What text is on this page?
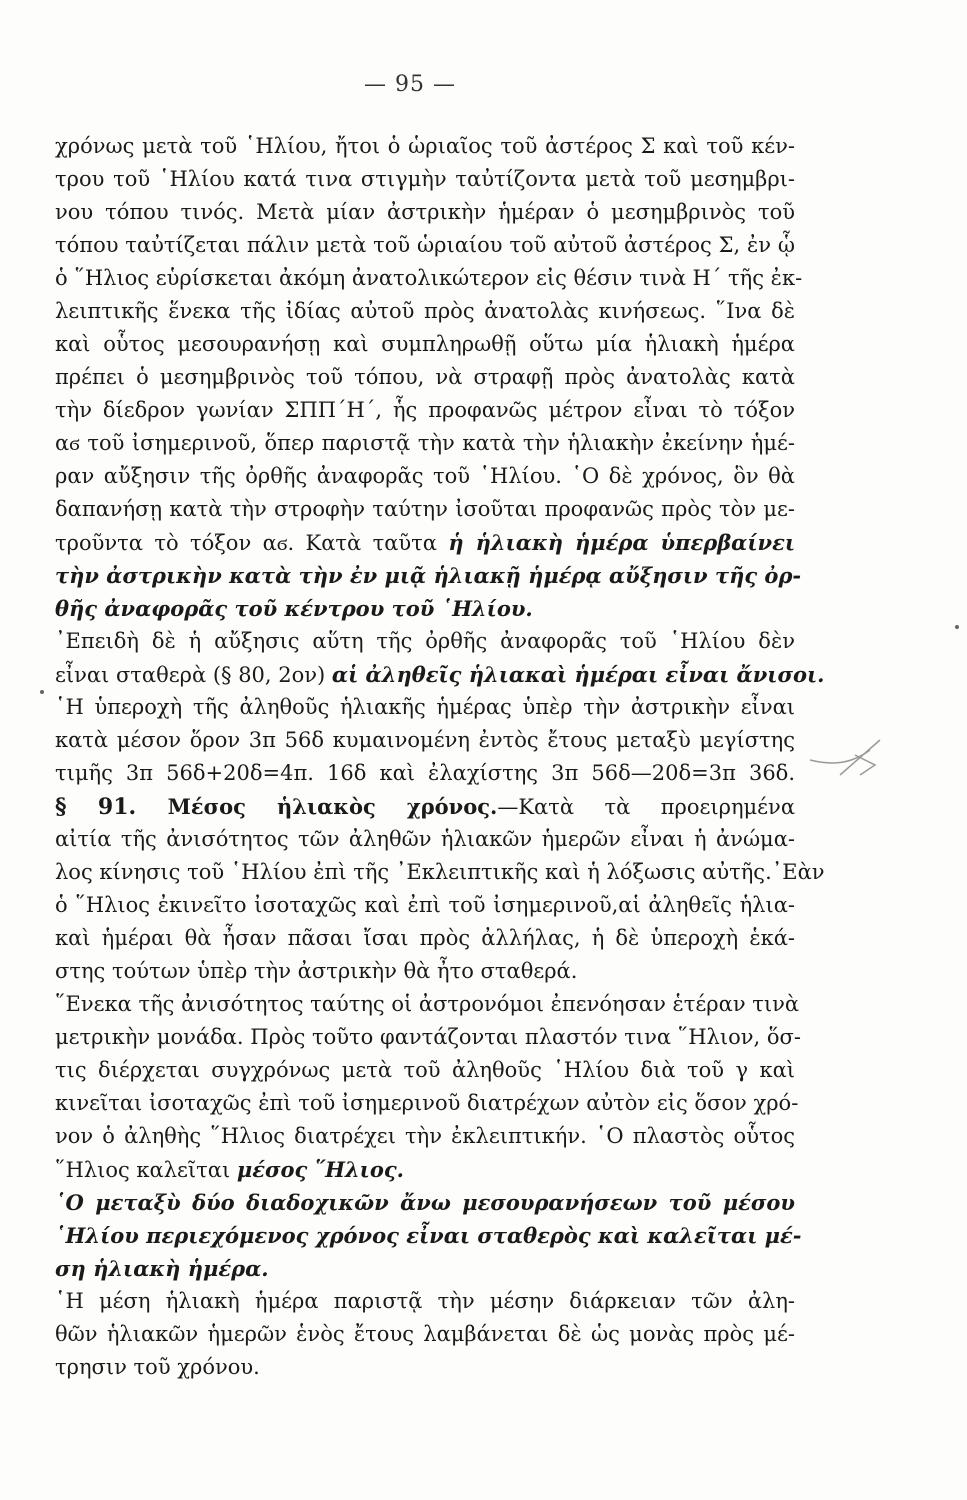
— 95 —
χρόνως μετὰ τοῦ ῾Ηλίου, ἤτοι ὁ ὡριαῖος τοῦ ἀστέρος Σ καὶ τοῦ κέν-
τρου τοῦ ῾Ηλίου κατά τινα στιγμὴν ταὐτίζοντα μετὰ τοῦ μεσημβρι-
νου τόπου τινός. Μετὰ μίαν ἀστρικὴν ἡμέραν ὁ μεσημβρινὸς τοῦ
τόπου ταὐτίζεται πάλιν μετὰ τοῦ ὡριαίου τοῦ αὐτοῦ ἀστέρος Σ, ἐν ᾧ
ὁ ῞Ηλιος εὑρίσκεται ἀκόμη ἀνατολικώτερον εἰς θέσιν τινὰ Η΄ τῆς ἐκ-
λειπτικῆς ἕνεκα τῆς ἰδίας αὐτοῦ πρὸς ἀνατολὰς κινήσεως. ῞Ινα δὲ
καὶ οὗτος μεσουρανήσῃ καὶ συμπληρωθῇ οὕτω μία ἡλιακὴ ἡμέρα
πρέπει ὁ μεσημβρινὸς τοῦ τόπου, νὰ στραφῇ πρὸς ἀνατολὰς κατὰ
τὴν δίεδρον γωνίαν ΣΠΠ΄Η΄, ἧς προφανῶς μέτρον εἶναι τὸ τόξον
αϭ τοῦ ἰσημερινοῦ, ὅπερ παριστᾷ τὴν κατὰ τὴν ἡλιακὴν ἐκείνην ἡμέ-
ραν αὔξησιν τῆς ὀρθῆς ἀναφορᾶς τοῦ ῾Ηλίου. ῾Ο δὲ χρόνος, ὃν θὰ
δαπανήσῃ κατὰ τὴν στροφὴν ταύτην ἰσοῦται προφανῶς πρὸς τὸν με-
τροῦντα τὸ τόξον αϭ. Κατὰ ταῦτα ἡ ἡλιακὴ ἡμέρα ὑπερβαίνει
τὴν ἀστρικὴν κατὰ τὴν ἐν μιᾷ ἡλιακῇ ἡμέρᾳ αὔξησιν τῆς ὀρ-
θῆς ἀναφορᾶς τοῦ κέντρου τοῦ ῾Ηλίου.
᾿Επειδὴ δὲ ἡ αὔξησις αὕτη τῆς ὀρθῆς ἀναφορᾶς τοῦ ῾Ηλίου δὲν
εἶναι σταθερὰ (§ 80, 2ον) αἱ ἀληθεῖς ἡλιακαὶ ἡμέραι εἶναι ἄνισοι.
῾Η ὑπεροχὴ τῆς ἀληθοῦς ἡλιακῆς ἡμέρας ὑπὲρ τὴν ἀστρικὴν εἶναι
κατὰ μέσον ὅρον 3π 56δ κυμαινομένη ἐντὸς ἔτους μεταξὺ μεγίστης
τιμῆς 3π 56δ+20δ=4π. 16δ καὶ ἐλαχίστης 3π 56δ—20δ=3π 36δ.
§ 91. Μέσος ἡλιακὸς χρόνος.—Κατὰ τὰ προειρημένα
αἰτία τῆς ἀνισότητος τῶν ἀληθῶν ἡλιακῶν ἡμερῶν εἶναι ἡ ἀνώμα-
λος κίνησις τοῦ ῾Ηλίου ἐπὶ τῆς ᾿Εκλειπτικῆς καὶ ἡ λόξωσις αὐτῆς.᾿Εὰν
ὁ ῞Ηλιος ἐκινεῖτο ἰσοταχῶς καὶ ἐπὶ τοῦ ἰσημερινοῦ,αἱ ἀληθεῖς ἡλια-
καὶ ἡμέραι θὰ ἦσαν πᾶσαι ἴσαι πρὸς ἀλλήλας, ἡ δὲ ὑπεροχὴ ἑκά-
στης τούτων ὑπὲρ τὴν ἀστρικὴν θὰ ἦτο σταθερά.
῞Ενεκα τῆς ἀνισότητος ταύτης οἱ ἀστρονόμοι ἐπενόησαν ἑτέραν τινὰ
μετρικὴν μονάδα. Πρὸς τοῦτο φαντάζονται πλαστόν τινα ῞Ηλιον, ὅσ-
τις διέρχεται συγχρόνως μετὰ τοῦ ἀληθοῦς ῾Ηλίου διὰ τοῦ γ καὶ
κινεῖται ἰσοταχῶς ἐπὶ τοῦ ἰσημερινοῦ διατρέχων αὐτὸν εἰς ὅσον χρό-
νον ὁ ἀληθὴς ῞Ηλιος διατρέχει τὴν ἐκλειπτικήν. ῾Ο πλαστὸς οὗτος
῞Ηλιος καλεῖται μέσος ῞Ηλιος.
῾Ο μεταξὺ δύο διαδοχικῶν ἄνω μεσουρανήσεων τοῦ μέσου
῾Ηλίου περιεχόμενος χρόνος εἶναι σταθερὸς καὶ καλεῖται μέ-
ση ἡλιακὴ ἡμέρα.
῾Η μέση ἡλιακὴ ἡμέρα παριστᾷ τὴν μέσην διάρκειαν τῶν ἀλη-
θῶν ἡλιακῶν ἡμερῶν ἑνὸς ἔτους λαμβάνεται δὲ ὡς μονὰς πρὸς μέ-
τρησιν τοῦ χρόνου.
